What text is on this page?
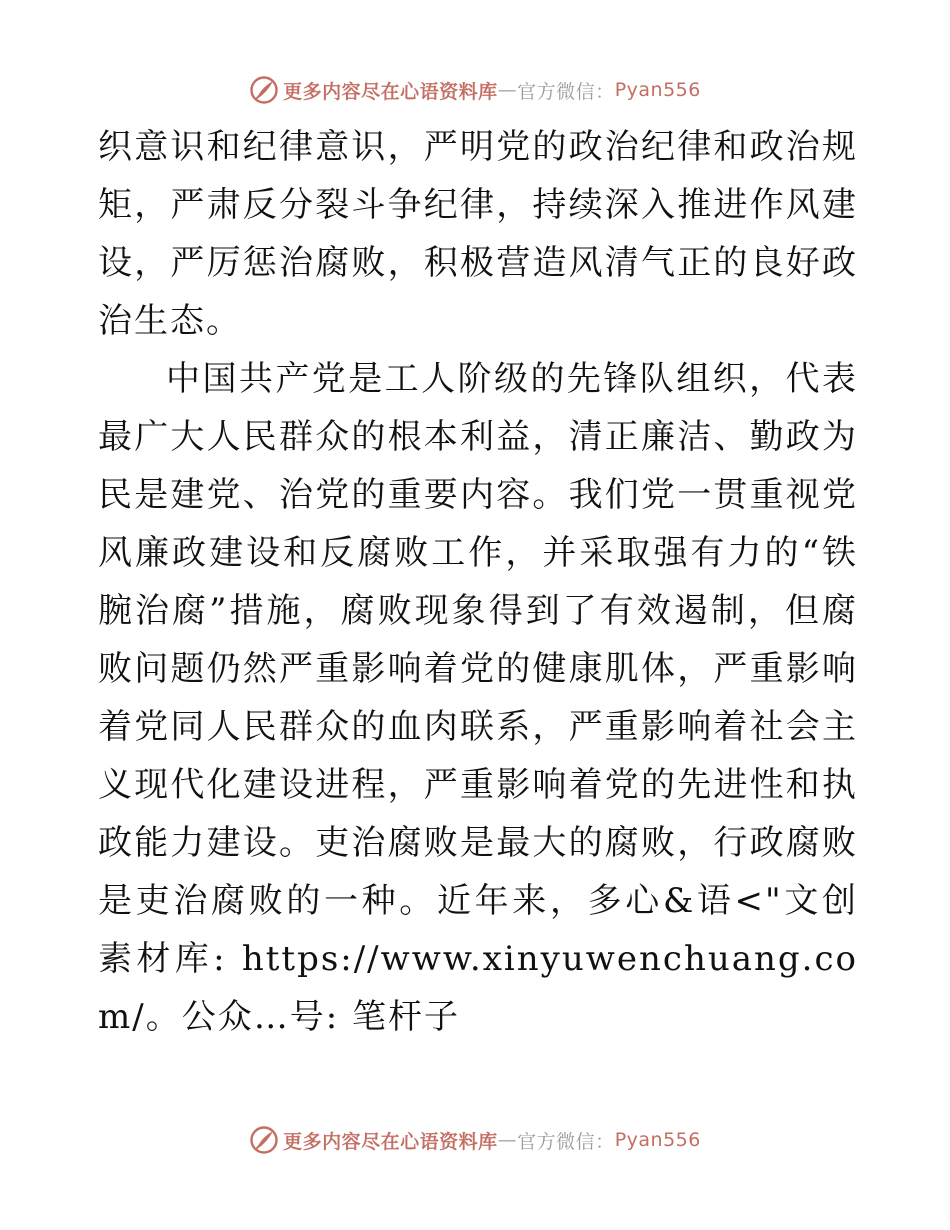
更多内容尽在心语资料库 — 官方微信： Pyan556

织意识和纪律意识，严明党的政治纪律和政治规矩，严肃反分裂斗争纪律，持续深入推进作风建设，严厉惩治腐败，积极营造风清气正的良好政治生态。

中国共产党是工人阶级的先锋队组织，代表最广大人民群众的根本利益，清正廉洁、勤政为民是建党、治党的重要内容。我们党一贯重视党风廉政建设和反腐败工作，并采取强有力的“铁腕治腐”措施，腐败现象得到了有效遏制，但腐败问题仍然严重影响着党的健康肌体，严重影响着党同人民群众的血肉联系，严重影响着社会主义现代化建设进程，严重影响着党的先进性和执政能力建设。吏治腐败是最大的腐败，行政腐败是吏治腐败的一种。近年来，多心&语<"文创素材库: https://www.xinyuwenchuang.com/。公众…号: 笔杆子

更多内容尽在心语资料库 — 官方微信： Pyan556
